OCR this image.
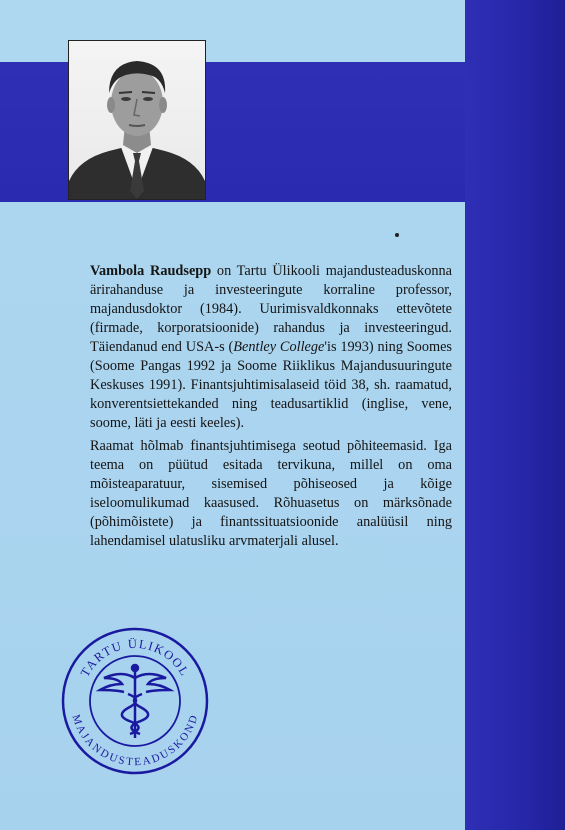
Vambola Raudsepp on Tartu Ülikooli majandusteaduskonna ärirahanduse ja investeeringute korraline professor, majandusdoktor (1984). Uurimisvaldkonnaks ettevõtete (firmade, korporatsioonide) rahandus ja investeeringud. Täiendanud end USA-s (Bentley College'is 1993) ning Soomes (Soome Pangas 1992 ja Soome Riiklikus Majandusuuringute Keskuses 1991). Finantsjuhtimisalaseid töid 38, sh. raamatud, konverentsiettekanded ning teadusartiklid (inglise, vene, soome, läti ja eesti keeles).

Raamat hõlmab finantsjuhtimisega seotud põhiteemasid. Iga teema on püütud esitada tervikuna, millel on oma mõisteaparatuur, sisemised põhiseosed ja kõige iseloomulikumad kaasused. Rõhuasetus on märksõnade (põhimõistete) ja finantssituatsioonide analüüsil ning lahendamisel ulatusliku arvmaterjali alusel.

TARTU ÜLIKOOL
MAJANDUSTEADUSKOND
